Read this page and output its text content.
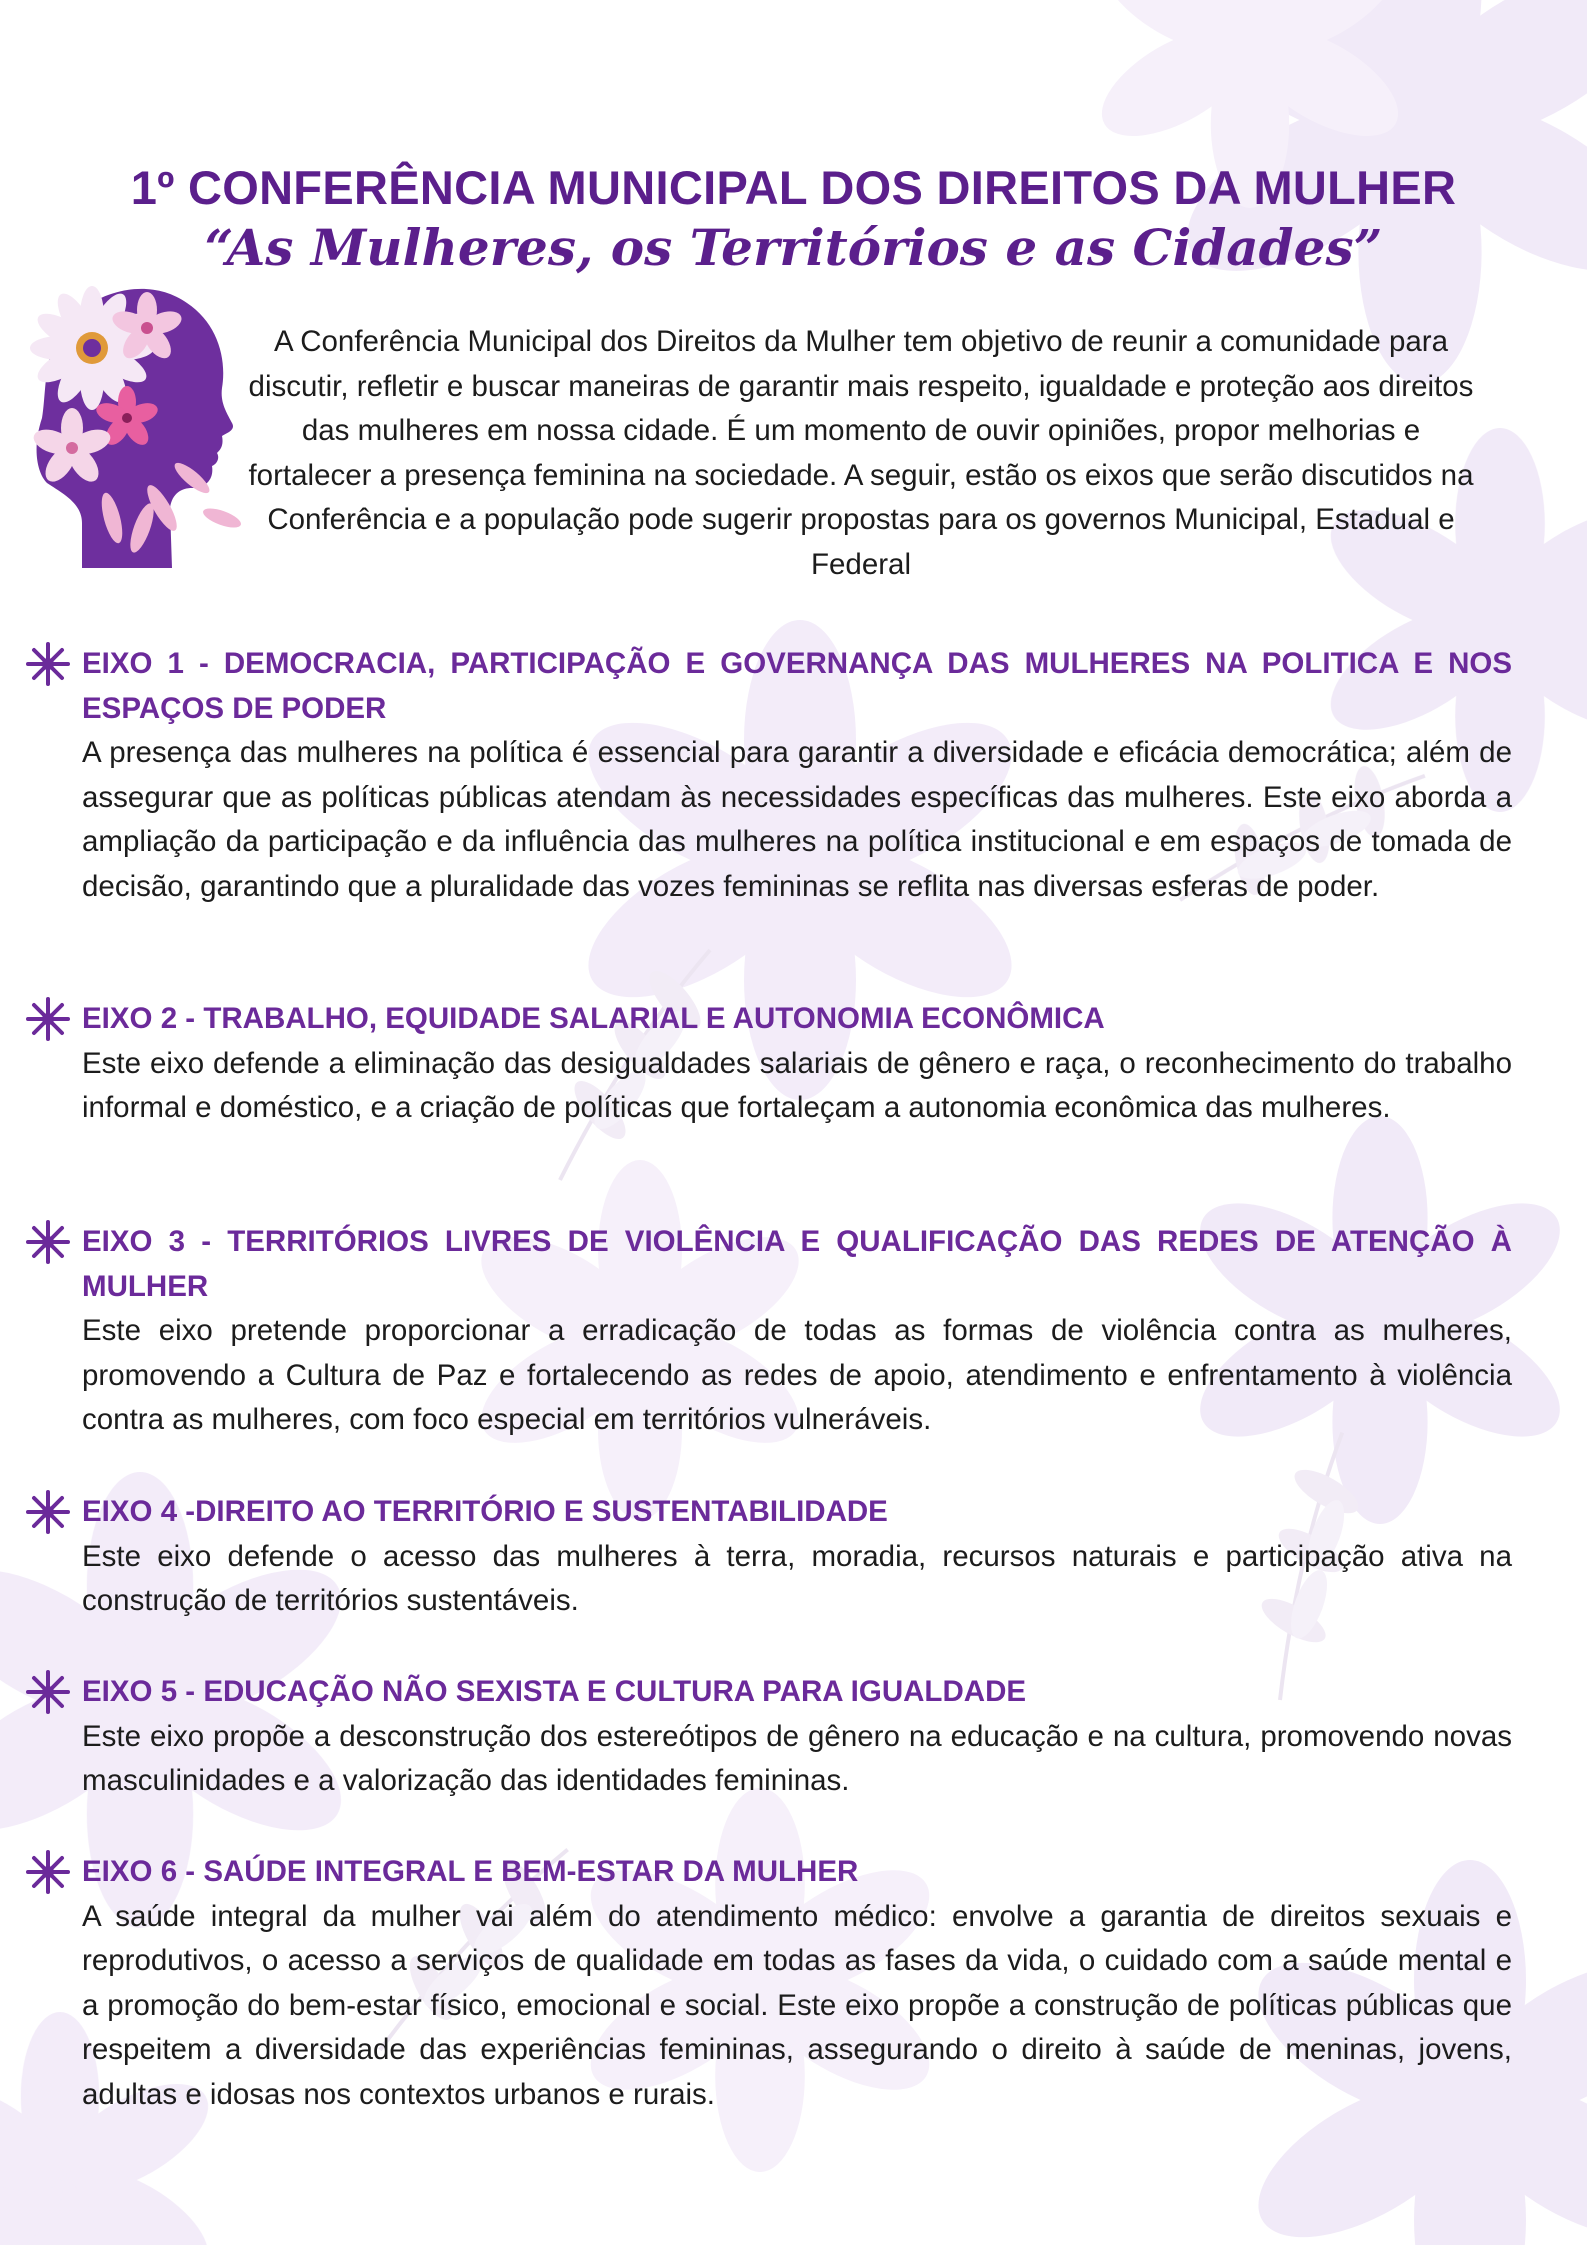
1º CONFERÊNCIA MUNICIPAL DOS DIREITOS DA MULHER
“As Mulheres, os Territórios e as Cidades”

A Conferência Municipal dos Direitos da Mulher tem objetivo de reunir a comunidade para discutir, refletir e buscar maneiras de garantir mais respeito, igualdade e proteção aos direitos das mulheres em nossa cidade. É um momento de ouvir opiniões, propor melhorias e fortalecer a presença feminina na sociedade. A seguir, estão os eixos que serão discutidos na Conferência e a população pode sugerir propostas para os governos Municipal, Estadual e Federal

EIXO 1 - DEMOCRACIA, PARTICIPAÇÃO E GOVERNANÇA DAS MULHERES NA POLITICA E NOS ESPAÇOS DE PODER

A presença das mulheres na política é essencial para garantir a diversidade e eficácia democrática; além de assegurar que as políticas públicas atendam às necessidades específicas das mulheres. Este eixo aborda a ampliação da participação e da influência das mulheres na política institucional e em espaços de tomada de decisão, garantindo que a pluralidade das vozes femininas se reflita nas diversas esferas de poder.

EIXO 2 - TRABALHO, EQUIDADE SALARIAL E AUTONOMIA ECONÔMICA

Este eixo defende a eliminação das desigualdades salariais de gênero e raça, o reconhecimento do trabalho informal e doméstico, e a criação de políticas que fortaleçam a autonomia econômica das mulheres.

EIXO 3 - TERRITÓRIOS LIVRES DE VIOLÊNCIA E QUALIFICAÇÃO DAS REDES DE ATENÇÃO À MULHER

Este eixo pretende proporcionar a erradicação de todas as formas de violência contra as mulheres, promovendo a Cultura de Paz e fortalecendo as redes de apoio, atendimento e enfrentamento à violência contra as mulheres, com foco especial em territórios vulneráveis.

EIXO 4 -DIREITO AO TERRITÓRIO E SUSTENTABILIDADE

Este eixo defende o acesso das mulheres à terra, moradia, recursos naturais e participação ativa na construção de territórios sustentáveis.

EIXO 5 - EDUCAÇÃO NÃO SEXISTA E CULTURA PARA IGUALDADE

Este eixo propõe a desconstrução dos estereótipos de gênero na educação e na cultura, promovendo novas masculinidades e a valorização das identidades femininas.

EIXO 6 - SAÚDE INTEGRAL E BEM-ESTAR DA MULHER

A saúde integral da mulher vai além do atendimento médico: envolve a garantia de direitos sexuais e reprodutivos, o acesso a serviços de qualidade em todas as fases da vida, o cuidado com a saúde mental e a promoção do bem-estar físico, emocional e social. Este eixo propõe a construção de políticas públicas que respeitem a diversidade das experiências femininas, assegurando o direito à saúde de meninas, jovens, adultas e idosas nos contextos urbanos e rurais.
